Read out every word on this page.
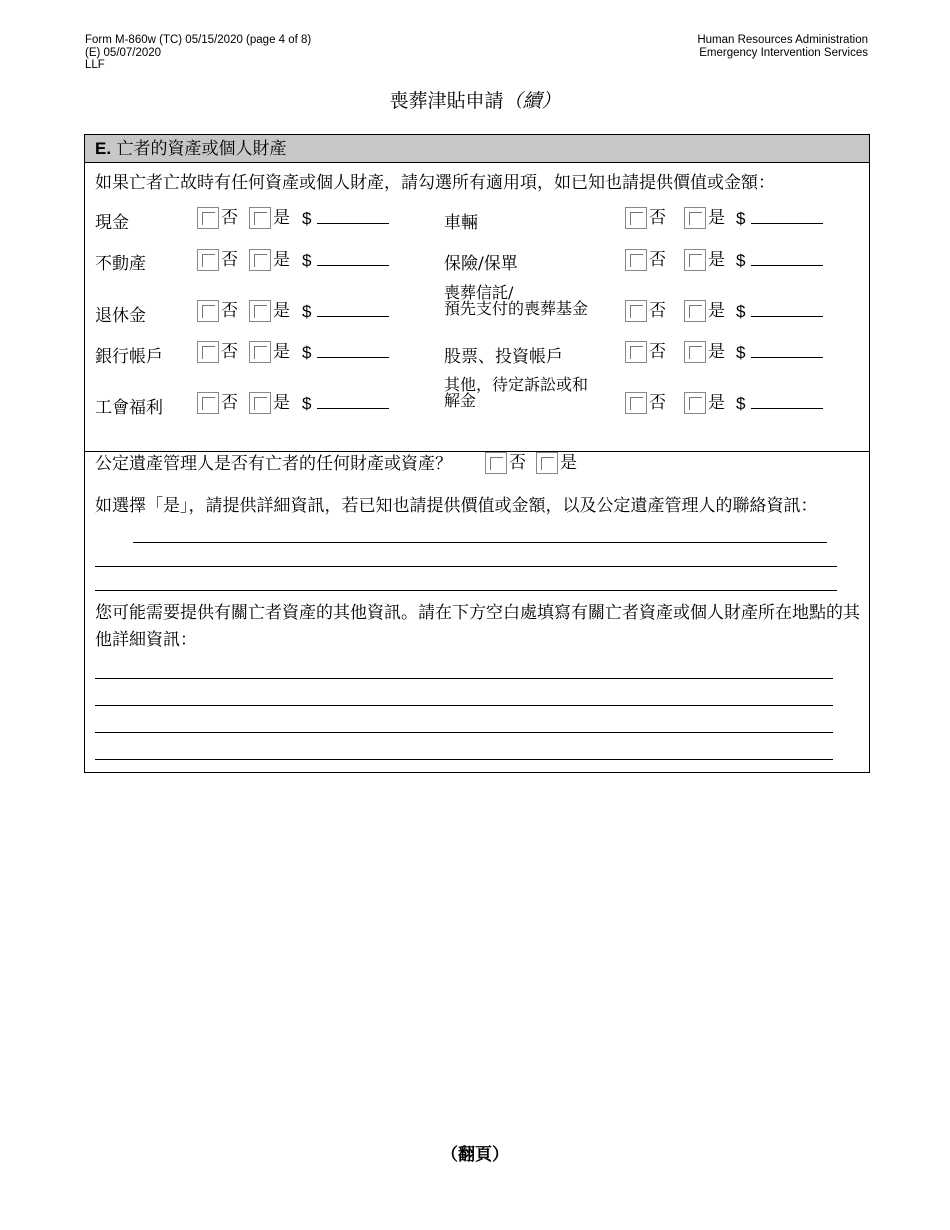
Form M-860w (TC) 05/15/2020 (page 4 of 8)
(E) 05/07/2020
LLF
Human Resources Administration
Emergency Intervention Services
喪葬津貼申請（續）
E. 亡者的資產或個人財產
如果亡者亡故時有任何資產或個人財產，請勾選所有適用項，如已知也請提供價值或金額：
現金
不動產
退休金
銀行帳戶
工會福利
否 是 $
否 是 $
否 是 $
否 是 $
否 是 $
車輛
保險/保單
喪葬信託/
預先支付的喪葬基金
股票、投資帳戶
其他，待定訴訟或和
解金
否 是 $
否 是 $
否 是 $
否 是 $
否 是 $
公定遺產管理人是否有亡者的任何財產或資產？	否 是
如選擇「是」，請提供詳細資訊，若已知也請提供價值或金額，以及公定遺產管理人的聯絡資訊：
您可能需要提供有關亡者資產的其他資訊。請在下方空白處填寫有關亡者資產或個人財產所在地點的其他詳細資訊：
（翻頁）
